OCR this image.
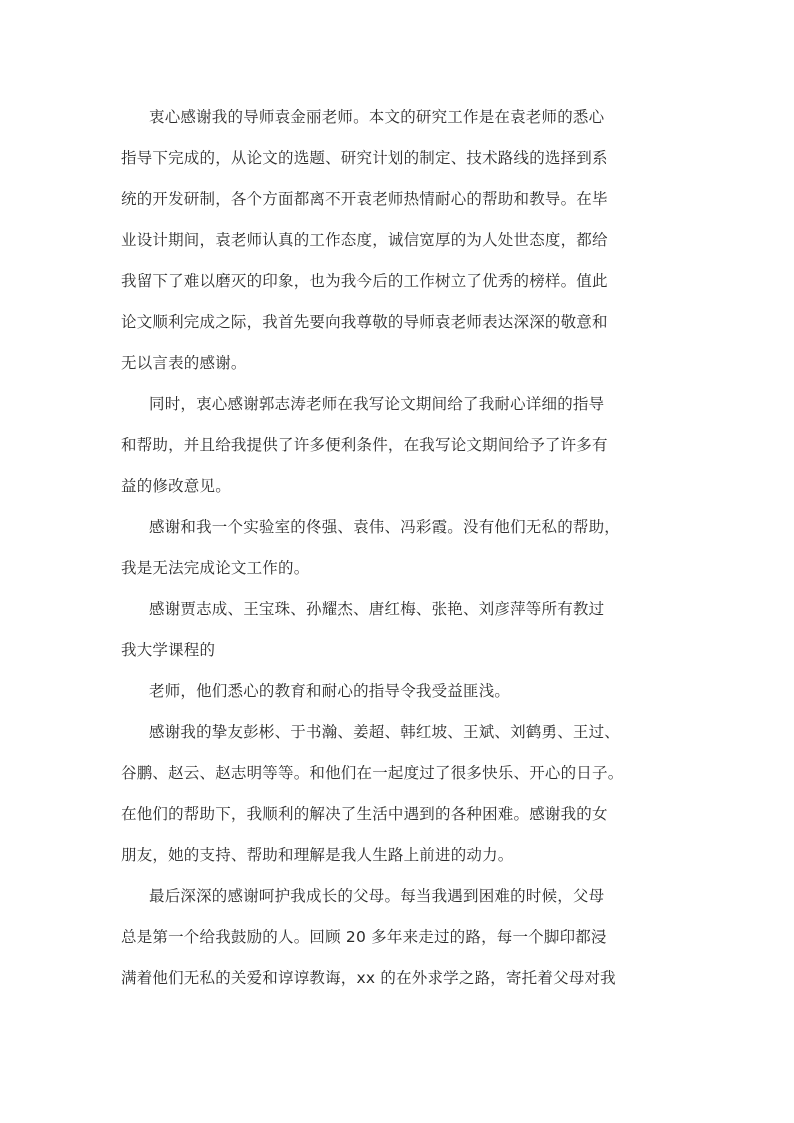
衷心感谢我的导师袁金丽老师。本文的研究工作是在袁老师的悉心
指导下完成的，从论文的选题、研究计划的制定、技术路线的选择到系
统的开发研制，各个方面都离不开袁老师热情耐心的帮助和教导。在毕
业设计期间，袁老师认真的工作态度，诚信宽厚的为人处世态度，都给
我留下了难以磨灭的印象，也为我今后的工作树立了优秀的榜样。值此
论文顺利完成之际，我首先要向我尊敬的导师袁老师表达深深的敬意和
无以言表的感谢。
同时，衷心感谢郭志涛老师在我写论文期间给了我耐心详细的指导
和帮助，并且给我提供了许多便利条件，在我写论文期间给予了许多有
益的修改意见。
感谢和我一个实验室的佟强、袁伟、冯彩霞。没有他们无私的帮助，
我是无法完成论文工作的。
感谢贾志成、王宝珠、孙耀杰、唐红梅、张艳、刘彦萍等所有教过
我大学课程的
老师，他们悉心的教育和耐心的指导令我受益匪浅。
感谢我的挚友彭彬、于书瀚、姜超、韩红坡、王斌、刘鹤勇、王过、
谷鹏、赵云、赵志明等等。和他们在一起度过了很多快乐、开心的日子。
在他们的帮助下，我顺利的解决了生活中遇到的各种困难。感谢我的女
朋友，她的支持、帮助和理解是我人生路上前进的动力。
最后深深的感谢呵护我成长的父母。每当我遇到困难的时候，父母
总是第一个给我鼓励的人。回顾 20 多年来走过的路，每一个脚印都浸
满着他们无私的关爱和谆谆教诲，xx 的在外求学之路，寄托着父母对我
